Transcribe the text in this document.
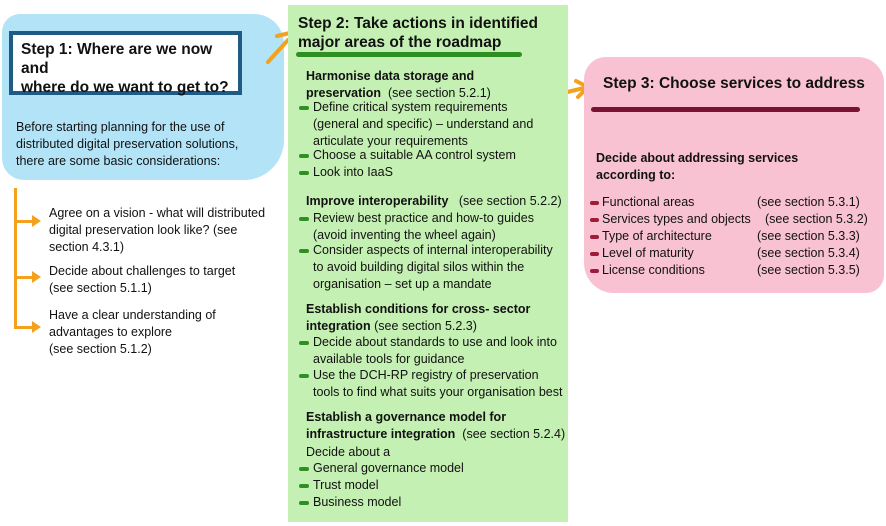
Step 1: Where are we now and
where do we want to get to?
Before starting planning for the use of
distributed digital preservation solutions,
there are some basic considerations:
Agree on a vision - what will distributed
digital preservation look like? (see
section 4.3.1)
Decide about challenges to target
(see section 5.1.1)
Have a clear understanding of
advantages to explore
(see section 5.1.2)
Step 2: Take actions in identified
major areas of the roadmap
Harmonise data storage and
preservation (see section 5.2.1)
Define critical system requirements
(general and specific) – understand and
articulate your requirements
Choose a suitable AA control system
Look into IaaS
Improve interoperability (see section 5.2.2)
Review best practice and how-to guides
(avoid inventing the wheel again)
Consider aspects of internal interoperability
to avoid building digital silos within the
organisation – set up a mandate
Establish conditions for cross- sector
integration (see section 5.2.3)
Decide about standards to use and look into
available tools for guidance
Use the DCH-RP registry of preservation
tools to find what suits your organisation best
Establish a governance model for
infrastructure integration (see section 5.2.4)
Decide about a
General governance model
Trust model
Business model
Step 3: Choose services to address
Decide about addressing services
according to:
Functional areas	(see section 5.3.1)
Services types and objects	(see section 5.3.2)
Type of architecture	(see section 5.3.3)
Level of maturity	(see section 5.3.4)
License conditions	(see section 5.3.5)
